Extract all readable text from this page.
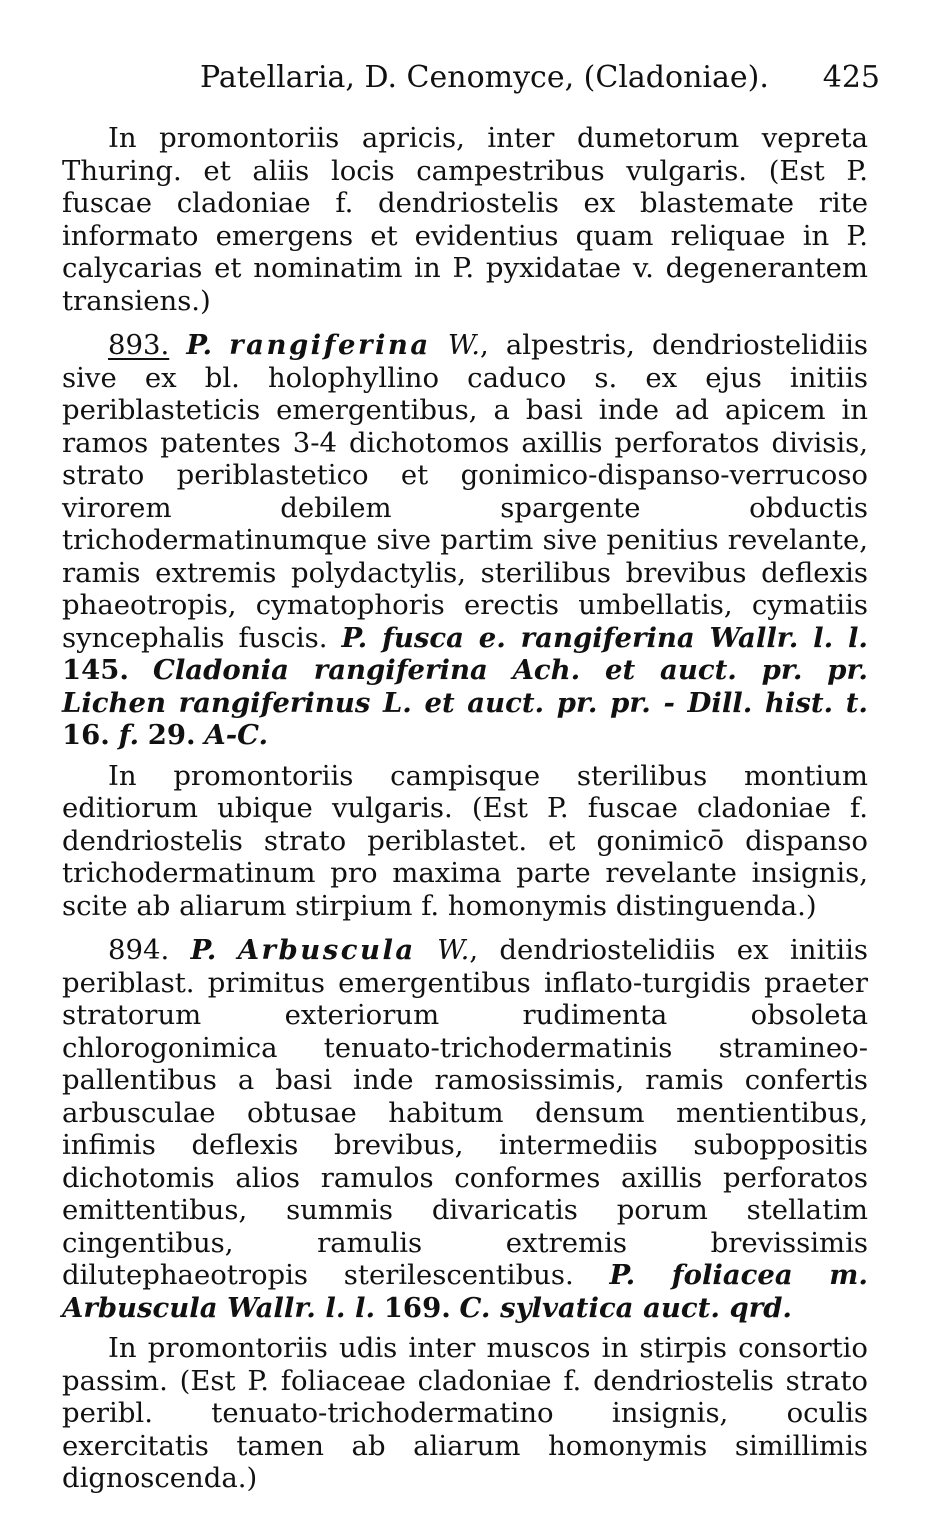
Patellaria, D. Cenomyce, (Cladoniae). 425

In promontoriis apricis, inter dumetorum vepreta Thuring. et aliis locis campestribus vulgaris. (Est P. fuscae cladoniae f. dendriostelis ex blastemate rite informato emergens et evidentius quam reliquae in P. calycarias et nominatim in P. pyxidatae v. degenerantem transiens.)

893. P. rangiferina W., alpestris, dendriostelidiis sive ex bl. holophyllino caduco s. ex ejus initiis periblasteticis emergentibus, a basi inde ad apicem in ramos patentes 3-4 dichotomos axillis perforatos divisis, strato periblastetico et gonimico-dispanso-verrucoso virorem debilem spargente obductis trichodermatinumque sive partim sive penitius revelante, ramis extremis polydactylis, sterilibus brevibus deflexis phaeotropis, cymatophoris erectis umbellatis, cymatiis syncephalis fuscis. P. fusca e. rangiferina Wallr. l. l. 145. Cladonia rangiferina Ach. et auct. pr. pr. Lichen rangiferinus L. et auct. pr. pr. - Dill. hist. t. 16. f. 29. A-C.

In promontoriis campisque sterilibus montium editiorum ubique vulgaris. (Est P. fuscae cladoniae f. dendriostelis strato periblastet. et gonimicō dispanso trichodermatinum pro maxima parte revelante insignis, scite ab aliarum stirpium f. homonymis distinguenda.)

894. P. Arbuscula W., dendriostelidiis ex initiis periblast. primitus emergentibus inflato-turgidis praeter stratorum exteriorum rudimenta obsoleta chlorogonimica tenuato-trichodermatinis stramineo-pallentibus a basi inde ramosissimis, ramis confertis arbusculae obtusae habitum densum mentientibus, infimis deflexis brevibus, intermediis suboppositis dichotomis alios ramulos conformes axillis perforatos emittentibus, summis divaricatis porum stellatim cingentibus, ramulis extremis brevissimis dilutephaeotropis sterilescentibus. P. foliacea m. Arbuscula Wallr. l. l. 169. C. sylvatica auct. qrd.

In promontoriis udis inter muscos in stirpis consortio passim. (Est P. foliaceae cladoniae f. dendriostelis strato peribl. tenuato-trichodermatino insignis, oculis exercitatis tamen ab aliarum homonymis simillimis dignoscenda.)
